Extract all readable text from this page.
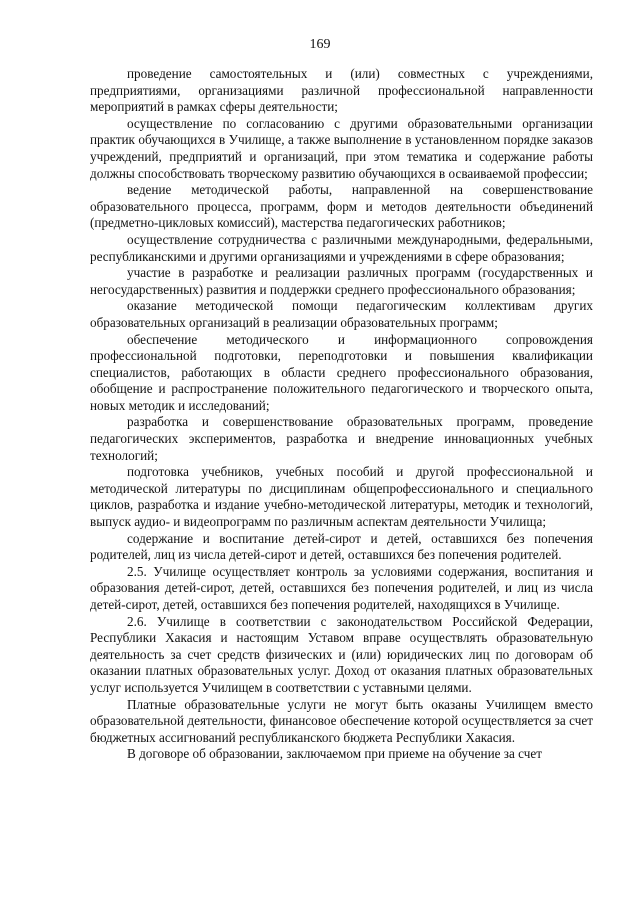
169

проведение самостоятельных и (или) совместных с учреждениями, предприятиями, организациями различной профессиональной направленности мероприятий в рамках сферы деятельности;

осуществление по согласованию с другими образовательными организации практик обучающихся в Училище, а также выполнение в установленном порядке заказов учреждений, предприятий и организаций, при этом тематика и содержание работы должны способствовать творческому развитию обучающихся в осваиваемой профессии;

ведение методической работы, направленной на совершенствование образовательного процесса, программ, форм и методов деятельности объединений (предметно-цикловых комиссий), мастерства педагогических работников;

осуществление сотрудничества с различными международными, федеральными, республиканскими и другими организациями и учреждениями в сфере образования;

участие в разработке и реализации различных программ (государственных и негосударственных) развития и поддержки среднего профессионального образования;

оказание методической помощи педагогическим коллективам других образовательных организаций в реализации образовательных программ;

обеспечение методического и информационного сопровождения профессиональной подготовки, переподготовки и повышения квалификации специалистов, работающих в области среднего профессионального образования, обобщение и распространение положительного педагогического и творческого опыта, новых методик и исследований;

разработка и совершенствование образовательных программ, проведение педагогических экспериментов, разработка и внедрение инновационных учебных технологий;

подготовка учебников, учебных пособий и другой профессиональной и методической литературы по дисциплинам общепрофессионального и специального циклов, разработка и издание учебно-методической литературы, методик и технологий, выпуск аудио- и видеопрограмм по различным аспектам деятельности Училища;

содержание и воспитание детей-сирот и детей, оставшихся без попечения родителей, лиц из числа детей-сирот и детей, оставшихся без попечения родителей.

2.5. Училище осуществляет контроль за условиями содержания, воспитания и образования детей-сирот, детей, оставшихся без попечения родителей, и лиц из числа детей-сирот, детей, оставшихся без попечения родителей, находящихся в Училище.

2.6. Училище в соответствии с законодательством Российской Федерации, Республики Хакасия и настоящим Уставом вправе осуществлять образовательную деятельность за счет средств физических и (или) юридических лиц по договорам об оказании платных образовательных услуг. Доход от оказания платных образовательных услуг используется Училищем в соответствии с уставными целями.

Платные образовательные услуги не могут быть оказаны Училищем вместо образовательной деятельности, финансовое обеспечение которой осуществляется за счет бюджетных ассигнований республиканского бюджета Республики Хакасия.

В договоре об образовании, заключаемом при приеме на обучение за счет
